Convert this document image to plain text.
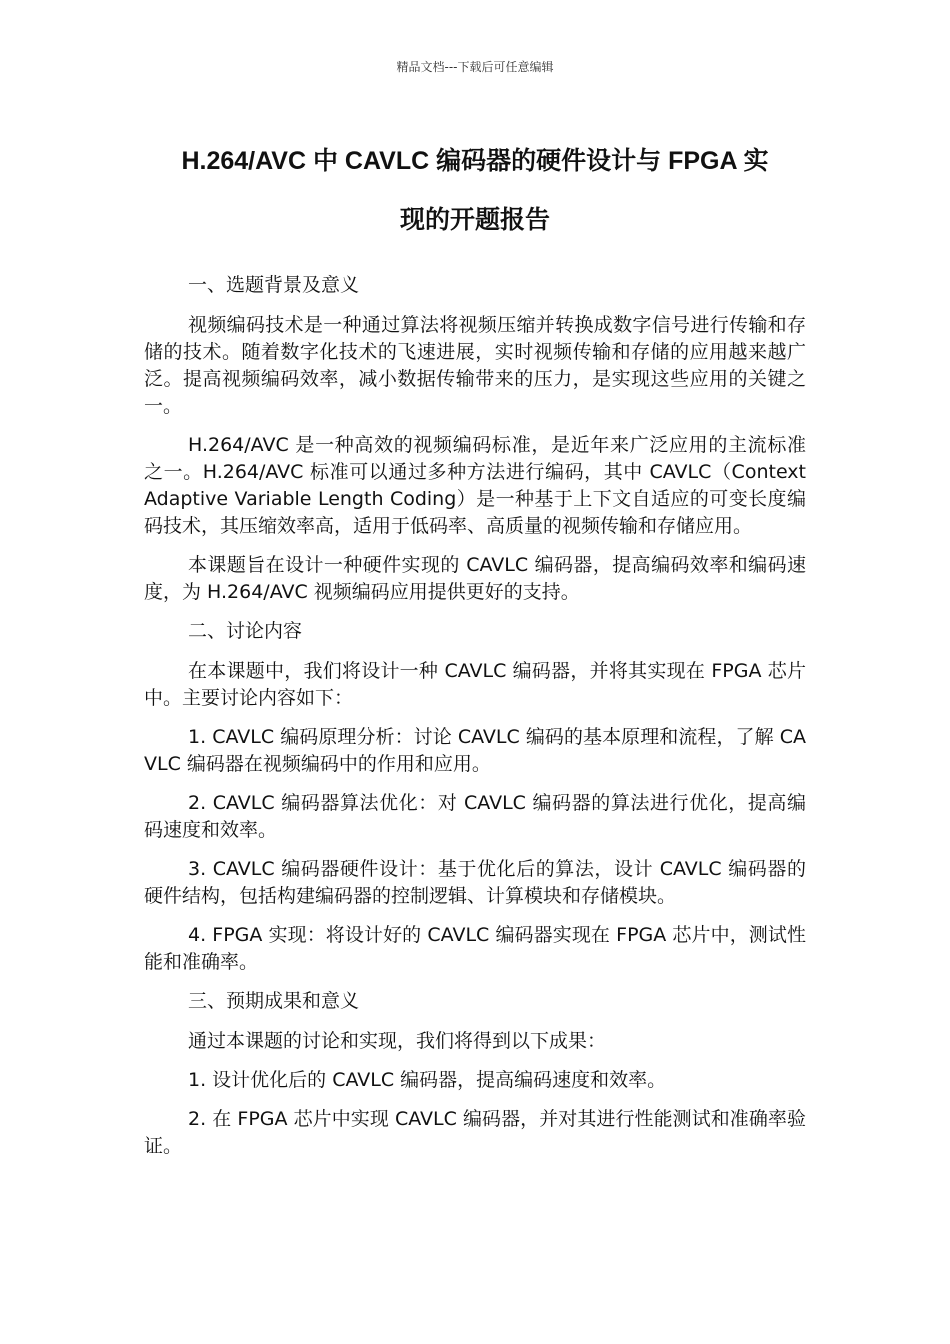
精品文档---下载后可任意编辑
H.264/AVC 中 CAVLC 编码器的硬件设计与 FPGA 实
现的开题报告

一、选题背景及意义

视频编码技术是一种通过算法将视频压缩并转换成数字信号进行传输和存储的技术。随着数字化技术的飞速进展，实时视频传输和存储的应用越来越广泛。提高视频编码效率，减小数据传输带来的压力，是实现这些应用的关键之一。

H.264/AVC 是一种高效的视频编码标准，是近年来广泛应用的主流标准之一。H.264/AVC 标准可以通过多种方法进行编码，其中 CAVLC（Context Adaptive Variable Length Coding）是一种基于上下文自适应的可变长度编码技术，其压缩效率高，适用于低码率、高质量的视频传输和存储应用。

本课题旨在设计一种硬件实现的 CAVLC 编码器，提高编码效率和编码速度，为 H.264/AVC 视频编码应用提供更好的支持。

二、讨论内容

在本课题中，我们将设计一种 CAVLC 编码器，并将其实现在 FPGA 芯片中。主要讨论内容如下：

1. CAVLC 编码原理分析：讨论 CAVLC 编码的基本原理和流程，了解 CAVLC 编码器在视频编码中的作用和应用。

2. CAVLC 编码器算法优化：对 CAVLC 编码器的算法进行优化，提高编码速度和效率。

3. CAVLC 编码器硬件设计：基于优化后的算法，设计 CAVLC 编码器的硬件结构，包括构建编码器的控制逻辑、计算模块和存储模块。

4. FPGA 实现：将设计好的 CAVLC 编码器实现在 FPGA 芯片中，测试性能和准确率。

三、预期成果和意义

通过本课题的讨论和实现，我们将得到以下成果：

1. 设计优化后的 CAVLC 编码器，提高编码速度和效率。

2. 在 FPGA 芯片中实现 CAVLC 编码器，并对其进行性能测试和准确率验证。
